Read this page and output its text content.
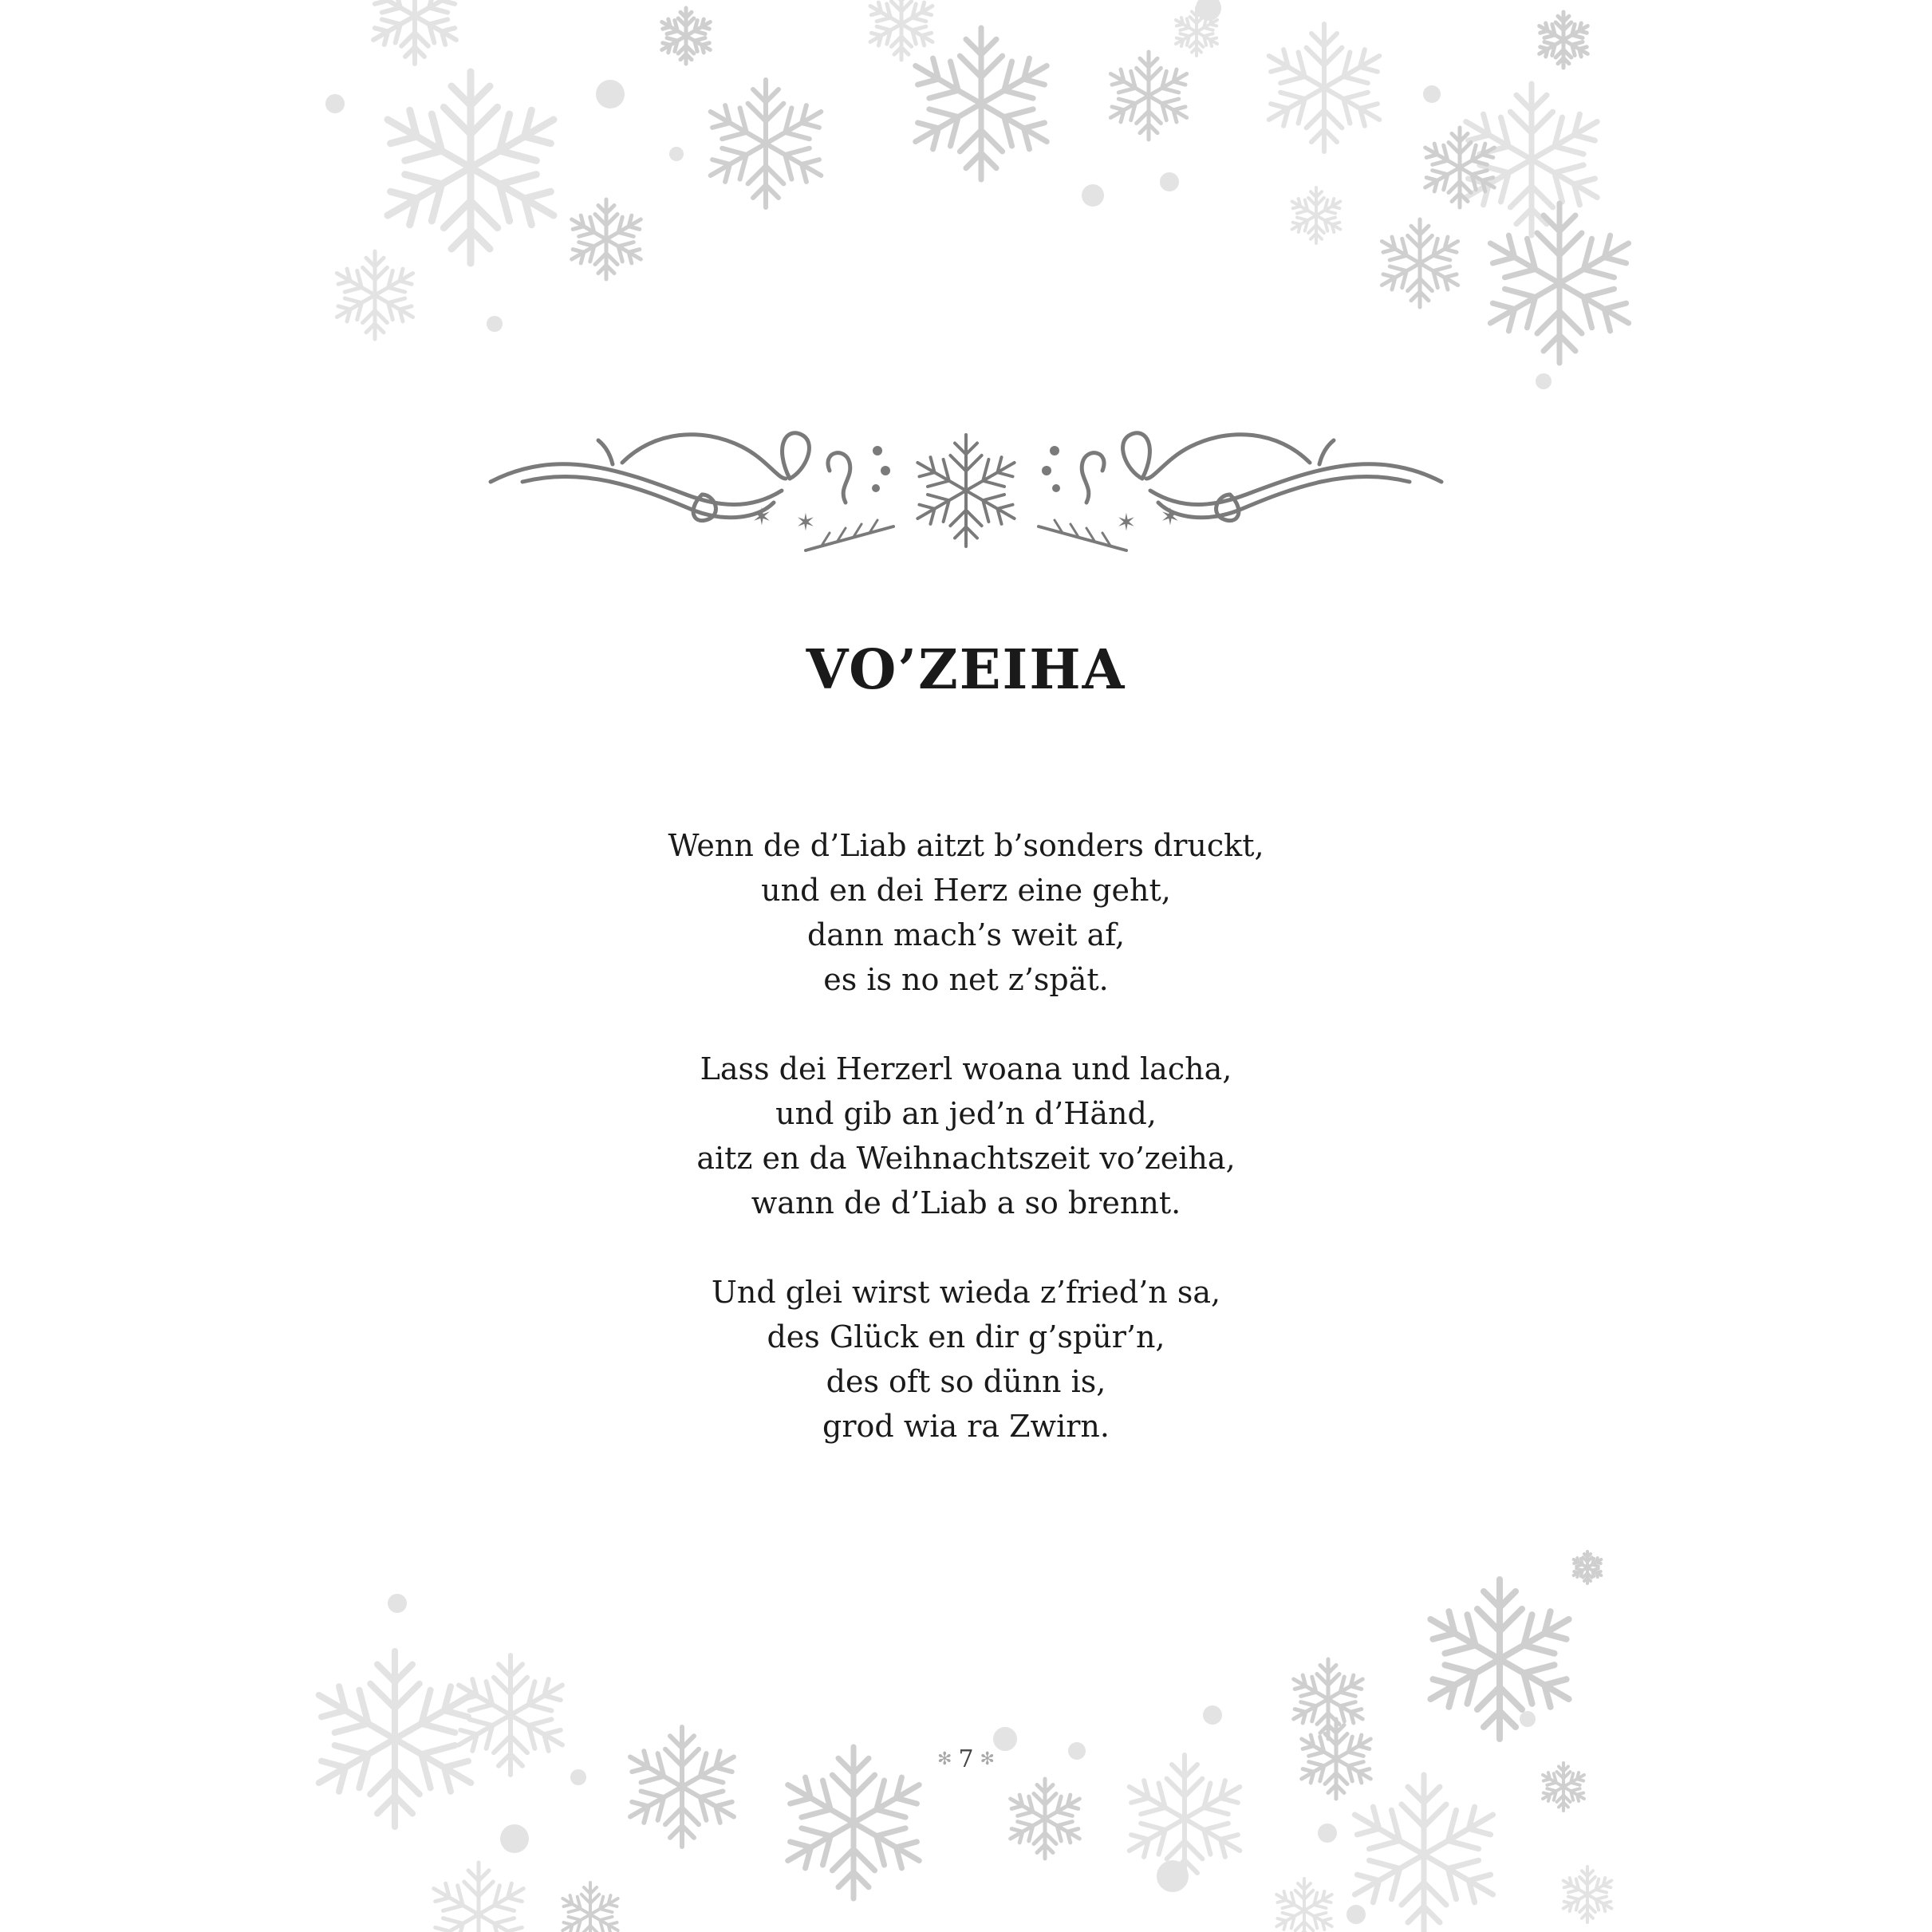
✶ ✶	✶
✶
VO’ZEIHA
Wenn de d’Liab aitzt b’sonders druckt,
und en dei Herz eine geht,
dann mach’s weit af,
es is no net z’spät.
Lass dei Herzerl woana und lacha,
und gib an jed’n d’Händ,
aitz en da Weihnachtszeit vo’zeiha,
wann de d’Liab a so brennt.
Und glei wirst wieda z’fried’n sa,
des Glück en dir g’spür’n,
des oft so dünn is,
grod wia ra Zwirn.
✻ 7 ✻
